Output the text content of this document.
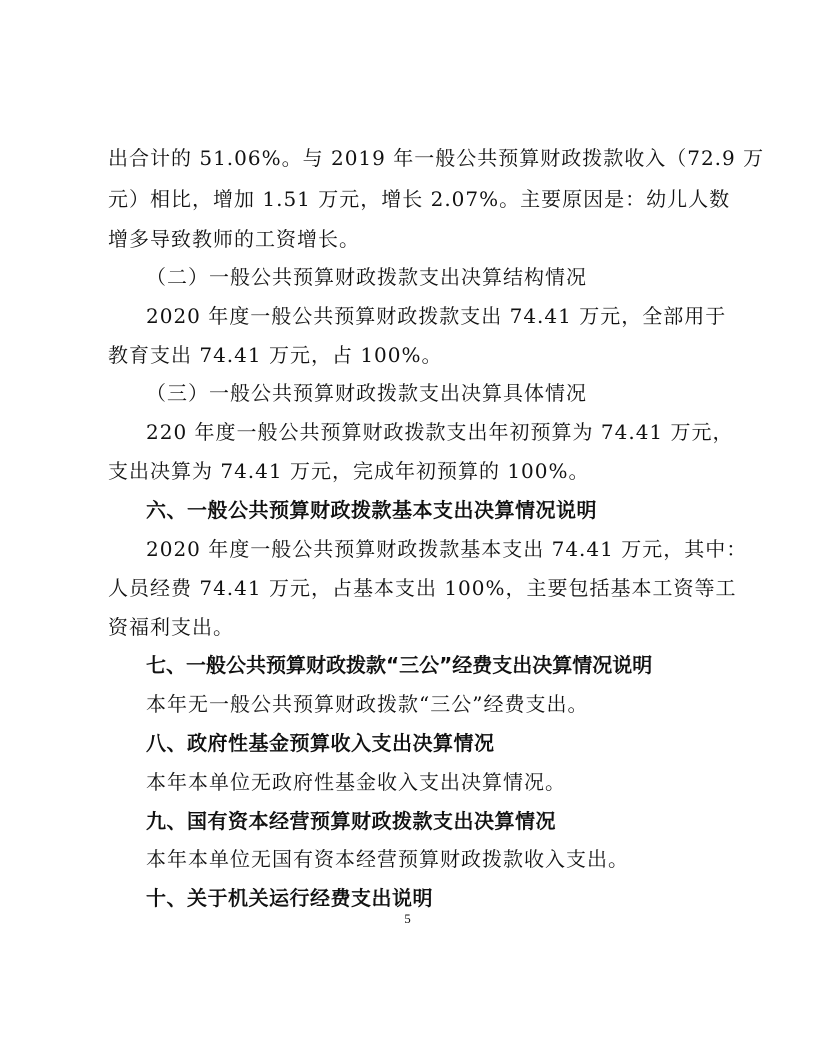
出合计的 51.06%。与 2019 年一般公共预算财政拨款收入（72.9 万
元）相比，增加 1.51 万元，增长 2.07%。主要原因是：幼儿人数
增多导致教师的工资增长。
（二）一般公共预算财政拨款支出决算结构情况
2020 年度一般公共预算财政拨款支出 74.41 万元，全部用于
教育支出 74.41 万元，占 100%。
（三）一般公共预算财政拨款支出决算具体情况
220 年度一般公共预算财政拨款支出年初预算为 74.41 万元，
支出决算为 74.41 万元，完成年初预算的 100%。
六、一般公共预算财政拨款基本支出决算情况说明
2020 年度一般公共预算财政拨款基本支出 74.41 万元，其中：
人员经费 74.41 万元，占基本支出 100%，主要包括基本工资等工
资福利支出。
七、一般公共预算财政拨款“三公”经费支出决算情况说明
本年无一般公共预算财政拨款“三公”经费支出。
八、政府性基金预算收入支出决算情况
本年本单位无政府性基金收入支出决算情况。
九、国有资本经营预算财政拨款支出决算情况
本年本单位无国有资本经营预算财政拨款收入支出。
十、关于机关运行经费支出说明
5
